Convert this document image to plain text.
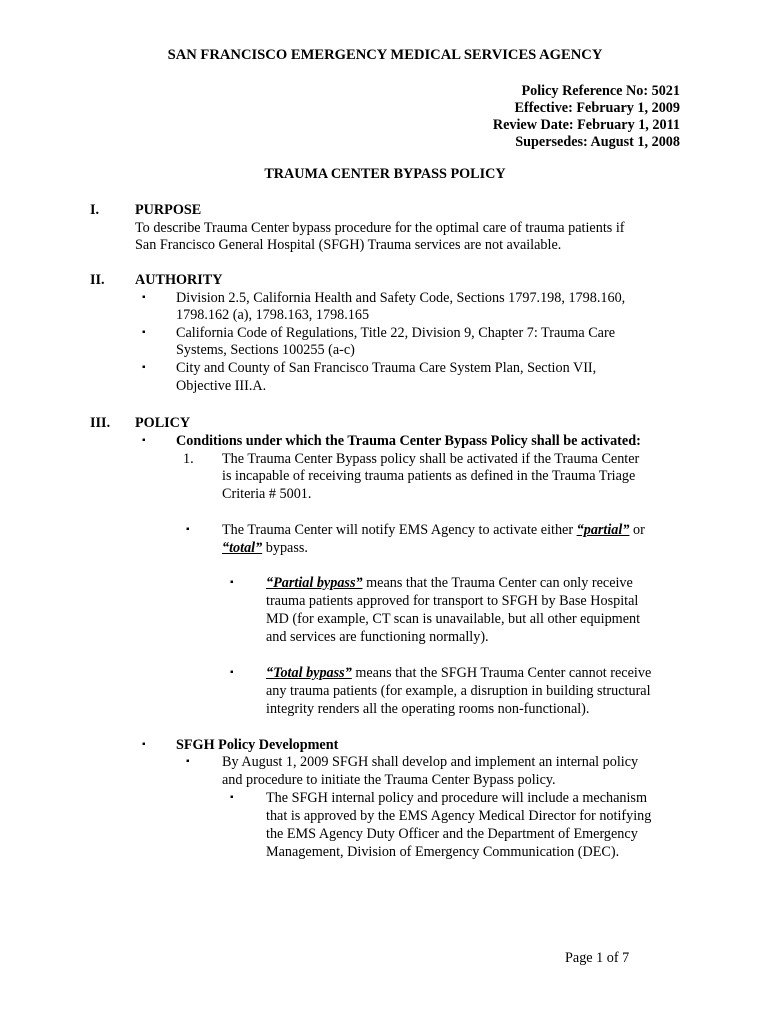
SAN FRANCISCO EMERGENCY MEDICAL SERVICES AGENCY
Policy Reference No: 5021
Effective: February 1, 2009
Review Date: February 1, 2011
Supersedes: August 1, 2008
TRAUMA CENTER BYPASS POLICY
I.	PURPOSE
To describe Trauma Center bypass procedure for the optimal care of trauma patients if
San Francisco General Hospital (SFGH) Trauma services are not available.
II. AUTHORITY
▪ Division 2.5, California Health and Safety Code, Sections 1797.198, 1798.160,
1798.162 (a), 1798.163, 1798.165
▪ California Code of Regulations, Title 22, Division 9, Chapter 7: Trauma Care
Systems, Sections 100255 (a-c)
▪ City and County of San Francisco Trauma Care System Plan, Section VII,
Objective III.A.
III. POLICY
▪ Conditions under which the Trauma Center Bypass Policy shall be activated:
1. The Trauma Center Bypass policy shall be activated if the Trauma Center
is incapable of receiving trauma patients as defined in the Trauma Triage
Criteria # 5001.
▪ The Trauma Center will notify EMS Agency to activate either “partial” or
“total” bypass.
▪ “Partial bypass” means that the Trauma Center can only receive
trauma patients approved for transport to SFGH by Base Hospital
MD (for example, CT scan is unavailable, but all other equipment
and services are functioning normally).
▪ “Total bypass” means that the SFGH Trauma Center cannot receive
any trauma patients (for example, a disruption in building structural
integrity renders all the operating rooms non-functional).
▪ SFGH Policy Development
▪ By August 1, 2009 SFGH shall develop and implement an internal policy
and procedure to initiate the Trauma Center Bypass policy.
▪ The SFGH internal policy and procedure will include a mechanism
that is approved by the EMS Agency Medical Director for notifying
the EMS Agency Duty Officer and the Department of Emergency
Management, Division of Emergency Communication (DEC).
Page 1 of 7
